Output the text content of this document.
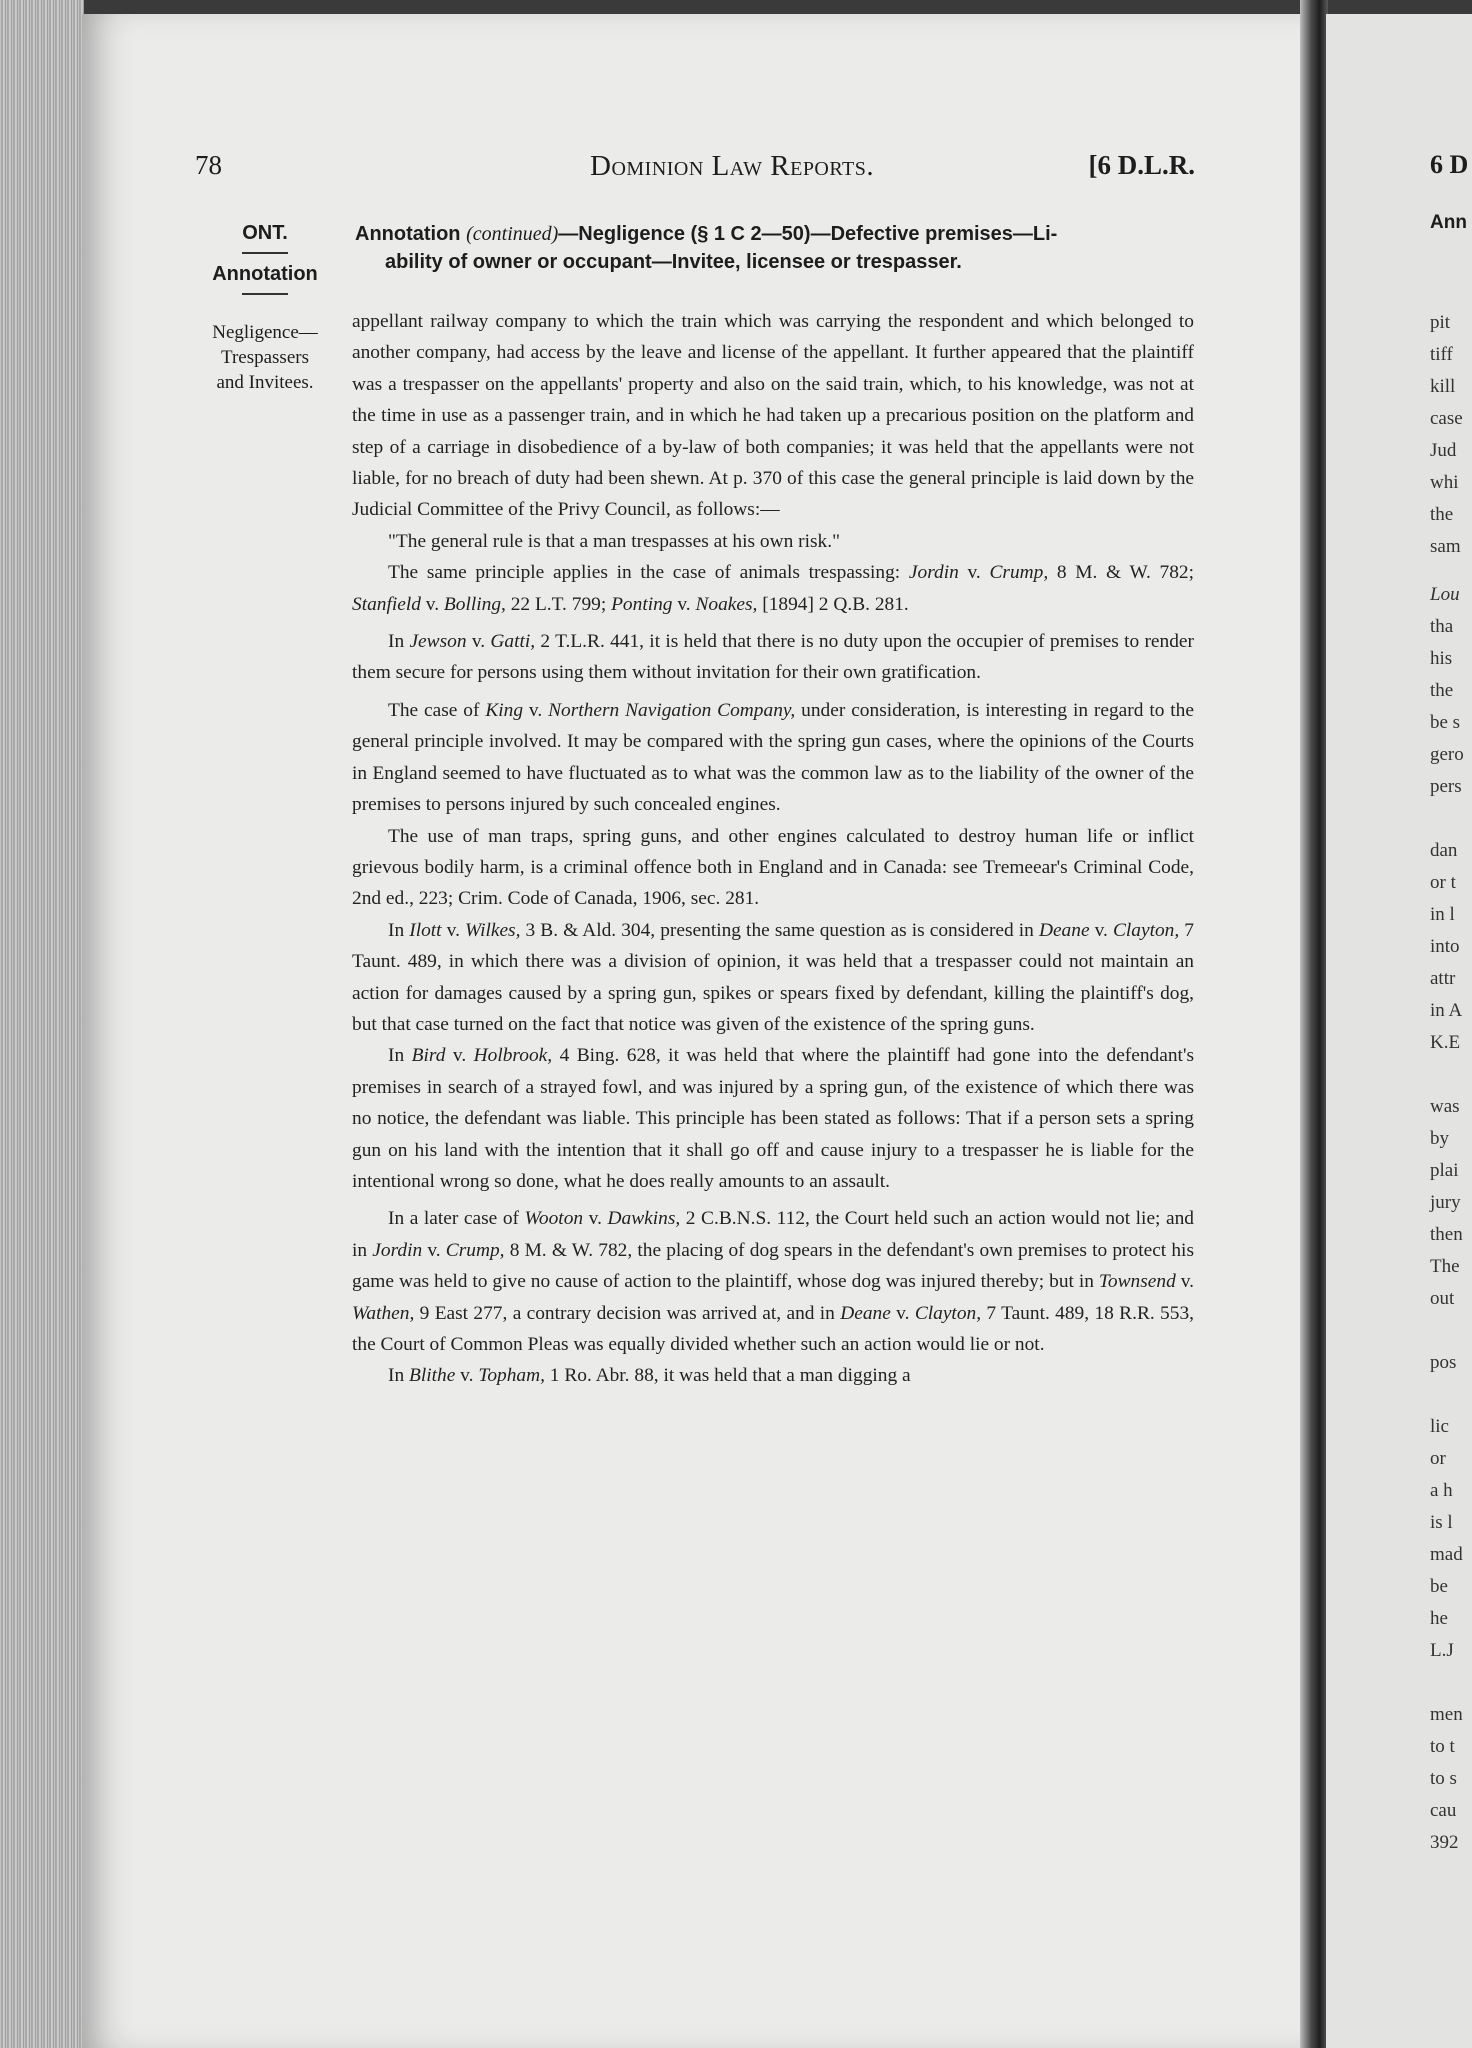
78	Dominion Law Reports.	[6 D.L.R.
ONT.
Annotation
Negligence—
Trespassers
and Invitees.
Annotation (continued)—Negligence (§ 1 C 2—50)—Defective premises—Li-
ability of owner or occupant—Invitee, licensee or trespasser.

appellant railway company to which the train which was carrying the respondent and which belonged to another company, had access by the leave and license of the appellant. It further appeared that the plaintiff was a trespasser on the appellants' property and also on the said train, which, to his knowledge, was not at the time in use as a passenger train, and in which he had taken up a precarious position on the platform and step of a carriage in disobedience of a by-law of both companies; it was held that the appellants were not liable, for no breach of duty had been shewn. At p. 370 of this case the general principle is laid down by the Judicial Committee of the Privy Council, as follows:—

"The general rule is that a man trespasses at his own risk."

The same principle applies in the case of animals trespassing: Jordin v. Crump, 8 M. & W. 782; Stanfield v. Bolling, 22 L.T. 799; Ponting v. Noakes, [1894] 2 Q.B. 281.

In Jewson v. Gatti, 2 T.L.R. 441, it is held that there is no duty upon the occupier of premises to render them secure for persons using them without invitation for their own gratification.

The case of King v. Northern Navigation Company, under consideration, is interesting in regard to the general principle involved. It may be compared with the spring gun cases, where the opinions of the Courts in England seemed to have fluctuated as to what was the common law as to the liability of the owner of the premises to persons injured by such concealed engines.

The use of man traps, spring guns, and other engines calculated to destroy human life or inflict grievous bodily harm, is a criminal offence both in England and in Canada: see Tremeear's Criminal Code, 2nd ed., 223; Crim. Code of Canada, 1906, sec. 281.

In Ilott v. Wilkes, 3 B. & Ald. 304, presenting the same question as is considered in Deane v. Clayton, 7 Taunt. 489, in which there was a division of opinion, it was held that a trespasser could not maintain an action for damages caused by a spring gun, spikes or spears fixed by defendant, killing the plaintiff's dog, but that case turned on the fact that notice was given of the existence of the spring guns.

In Bird v. Holbrook, 4 Bing. 628, it was held that where the plaintiff had gone into the defendant's premises in search of a strayed fowl, and was injured by a spring gun, of the existence of which there was no notice, the defendant was liable. This principle has been stated as follows: That if a person sets a spring gun on his land with the intention that it shall go off and cause injury to a trespasser he is liable for the intentional wrong so done, what he does really amounts to an assault.

In a later case of Wooton v. Dawkins, 2 C.B.N.S. 112, the Court held such an action would not lie; and in Jordin v. Crump, 8 M. & W. 782, the placing of dog spears in the defendant's own premises to protect his game was held to give no cause of action to the plaintiff, whose dog was injured thereby; but in Townsend v. Wathen, 9 East 277, a contrary decision was arrived at, and in Deane v. Clayton, 7 Taunt. 489, 18 R.R. 553, the Court of Common Pleas was equally divided whether such an action would lie or not.

In Blithe v. Topham, 1 Ro. Abr. 88, it was held that a man digging a

6 D
Ann
pit
tiff
kill
case
Jud
whi
the
sam
Lou
tha
his
the
be s
gero
pers
dan
or t
in l
into
attr
in A
K.E
was
by
plai
jury
then
The
out
pos
lic
or
a h
is l
mad
be
he
L.J
men
to t
to s
cau
392
